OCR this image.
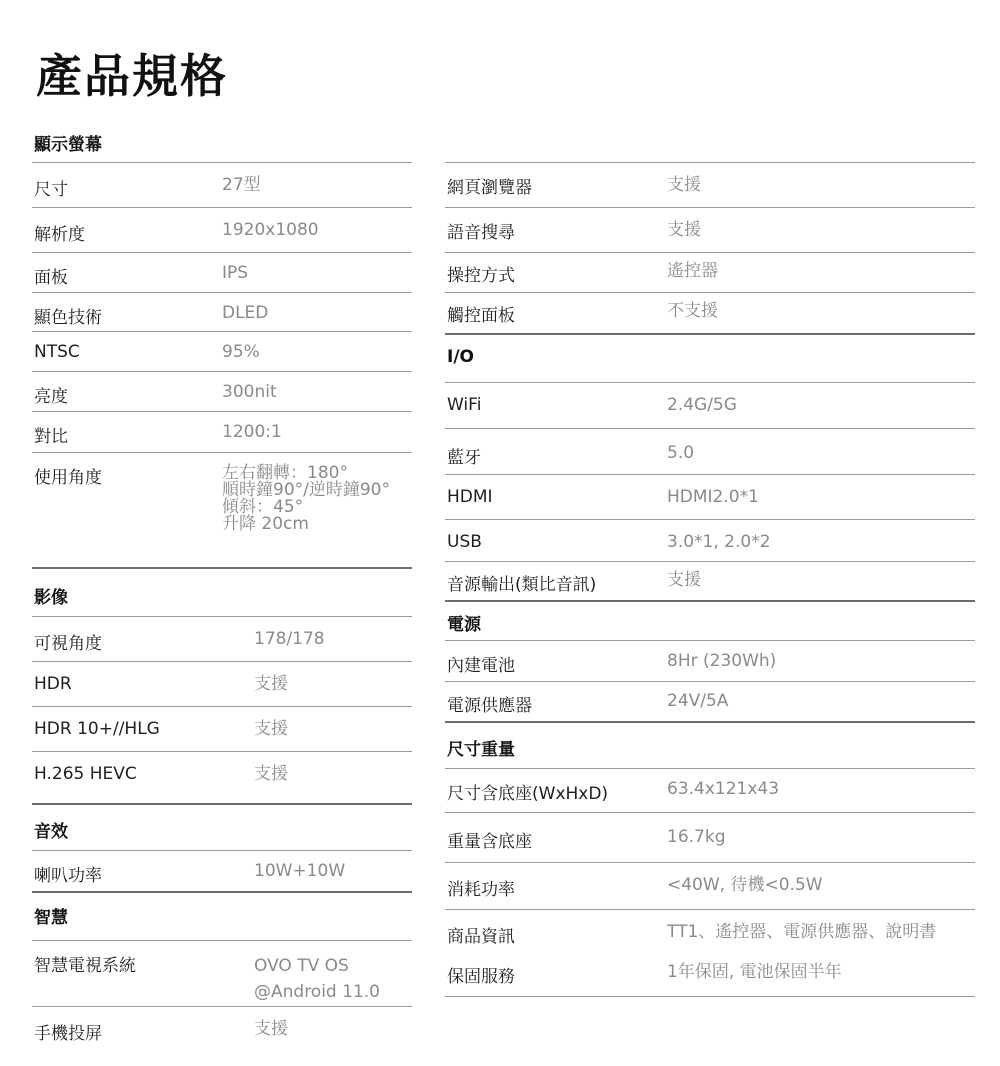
產品規格
顯示螢幕
尺寸	27型
解析度	1920x1080
面板	IPS
顯色技術	DLED
NTSC	95%
亮度	300nit
對比	1200:1
使用角度	左右翻轉：180°
順時鐘90°/逆時鐘90°
傾斜：45°
升降 20cm
影像
可視角度	178/178
HDR	支援
HDR 10+//HLG	支援
H.265 HEVC	支援
音效
喇叭功率	10W+10W
智慧
智慧電視系統	OVO TV OS
@Android 11.0
手機投屏	支援
網頁瀏覽器	支援
語音搜尋	支援
操控方式	遙控器
觸控面板	不支援
I/O
WiFi	2.4G/5G
藍牙	5.0
HDMI	HDMI2.0*1
USB	3.0*1, 2.0*2
音源輸出(類比音訊)	支援
電源
內建電池	8Hr (230Wh)
電源供應器	24V/5A
尺寸重量
尺寸含底座(WxHxD)	63.4x121x43
重量含底座	16.7kg
消耗功率	<40W, 待機<0.5W
商品資訊	TT1、遙控器、電源供應器、說明書
保固服務	1年保固, 電池保固半年
